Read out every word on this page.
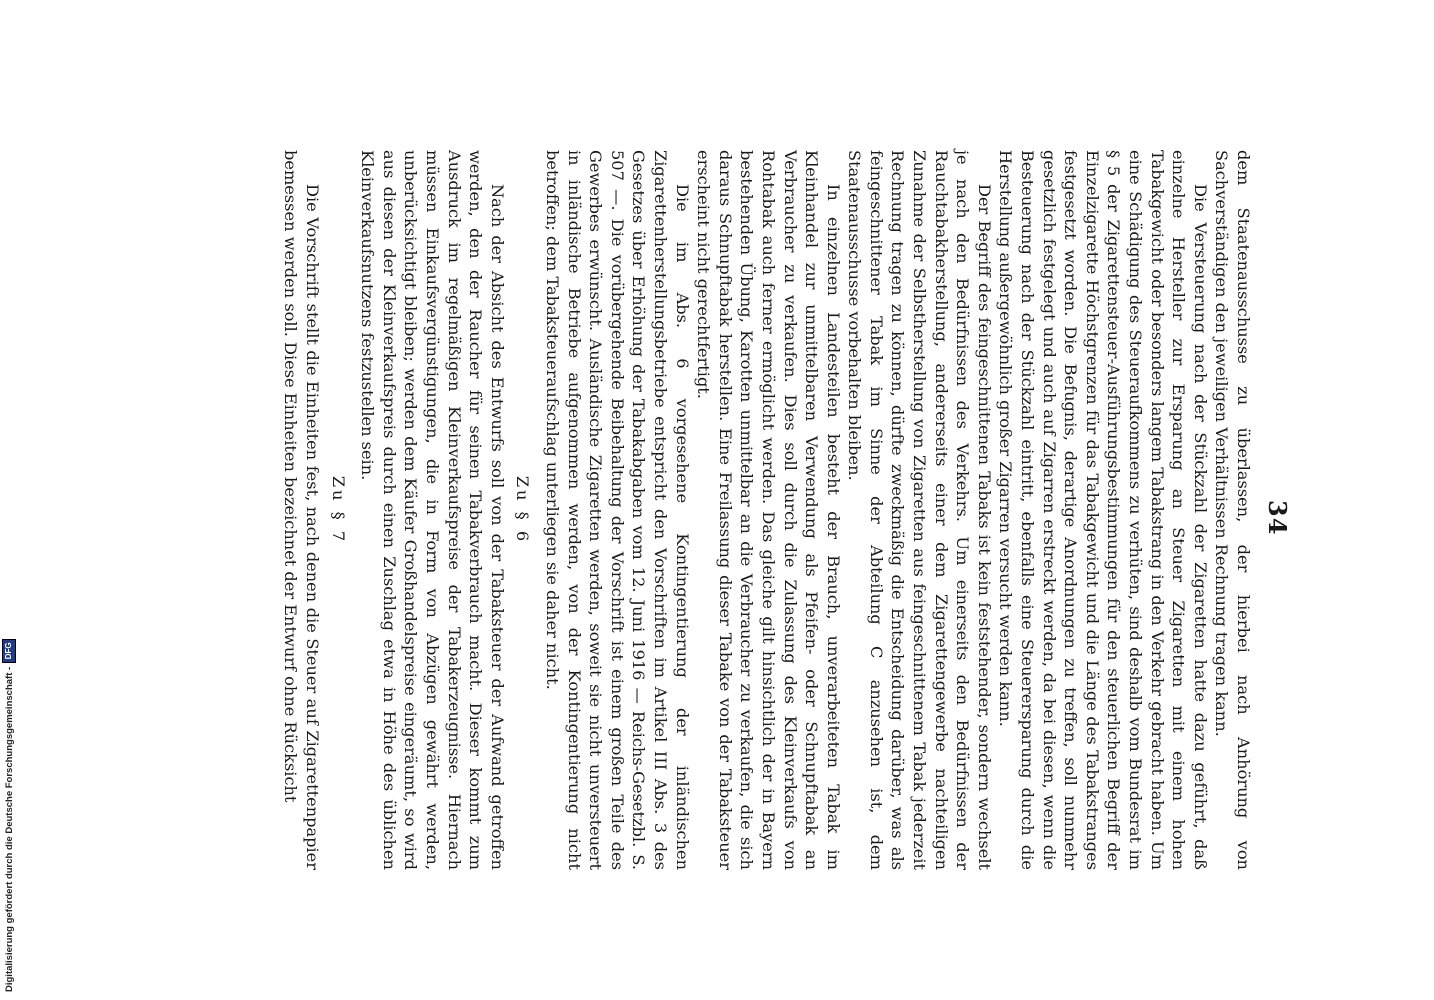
34

dem Staatenausschusse zu überlassen, der hierbei nach Anhörung von Sachverständigen den jeweiligen Verhältnissen Rechnung tragen kann.

Die Versteuerung nach der Stückzahl der Zigaretten hatte dazu geführt, daß einzelne Hersteller zur Ersparung an Steuer Zigaretten mit einem hohen Tabakgewicht oder besonders langem Tabakstrang in den Verkehr gebracht haben. Um eine Schädigung des Steueraufkommens zu verhüten, sind deshalb vom Bundesrat im § 5 der Zigarettensteuer-Ausführungsbestimmungen für den steuerlichen Begriff der Einzelzigarette Höchstgrenzen für das Tabakgewicht und die Länge des Tabakstranges festgesetzt worden. Die Befugnis, derartige Anordnungen zu treffen, soll nunmehr gesetzlich festgelegt und auch auf Zigarren erstreckt werden, da bei diesen, wenn die Besteuerung nach der Stückzahl eintritt, ebenfalls eine Steuerersparung durch die Herstellung außergewöhnlich großer Zigarren versucht werden kann.

Der Begriff des feingeschnittenen Tabaks ist kein feststehender, sondern wechselt je nach den Bedürfnissen des Verkehrs. Um einerseits den Bedürfnissen der Rauchtabakherstellung, andererseits einer dem Zigarettengewerbe nachteiligen Zunahme der Selbstherstellung von Zigaretten aus feingeschnittenem Tabak jederzeit Rechnung tragen zu können, dürfte zweckmäßig die Entscheidung darüber, was als feingeschnittener Tabak im Sinne der Abteilung C anzusehen ist, dem Staatenausschusse vorbehalten bleiben.

In einzelnen Landesteilen besteht der Brauch, unverarbeiteten Tabak im Kleinhandel zur unmittelbaren Verwendung als Pfeifen- oder Schnupftabak an Verbraucher zu verkaufen. Dies soll durch die Zulassung des Kleinverkaufs von Rohtabak auch ferner ermöglicht werden. Das gleiche gilt hinsichtlich der in Bayern bestehenden Übung, Karotten unmittelbar an die Verbraucher zu verkaufen, die sich daraus Schnupftabak herstellen. Eine Freilassung dieser Tabake von der Tabaksteuer erscheint nicht gerechtfertigt.

Die im Abs. 6 vorgesehene Kontingentierung der inländischen Zigarettenherstellungsbetriebe entspricht den Vorschriften im Artikel III Abs. 3 des Gesetzes über Erhöhung der Tabakabgaben vom 12. Juni 1916 — Reichs-Gesetzbl. S. 507 —. Die vorübergehende Beibehaltung der Vorschrift ist einem großen Teile des Gewerbes erwünscht. Ausländische Zigaretten werden, soweit sie nicht unversteuert in inländische Betriebe aufgenommen werden, von der Kontingentierung nicht betroffen; dem Tabaksteueraufschlag unterliegen sie daher nicht.

Zu § 6

Nach der Absicht des Entwurfs soll von der Tabaksteuer der Aufwand getroffen werden, den der Raucher für seinen Tabakverbrauch macht. Dieser kommt zum Ausdruck im regelmäßigen Kleinverkaufspreise der Tabakerzeugnisse. Hiernach müssen Einkaufsvergünstigungen, die in Form von Abzügen gewährt werden, unberücksichtigt bleiben; werden dem Käufer Großhandelspreise eingeräumt, so wird aus diesen der Kleinverkaufspreis durch einen Zuschlag etwa in Höhe des üblichen Kleinverkaufsnutzens festzustellen sein.

Zu § 7

Die Vorschrift stellt die Einheiten fest, nach denen die Steuer auf Zigarettenpapier bemessen werden soll. Diese Einheiten bezeichnet der Entwurf ohne Rücksicht

Digitalisierung gefördert durch die Deutsche Forschungsgemeinschaft -
DFG
